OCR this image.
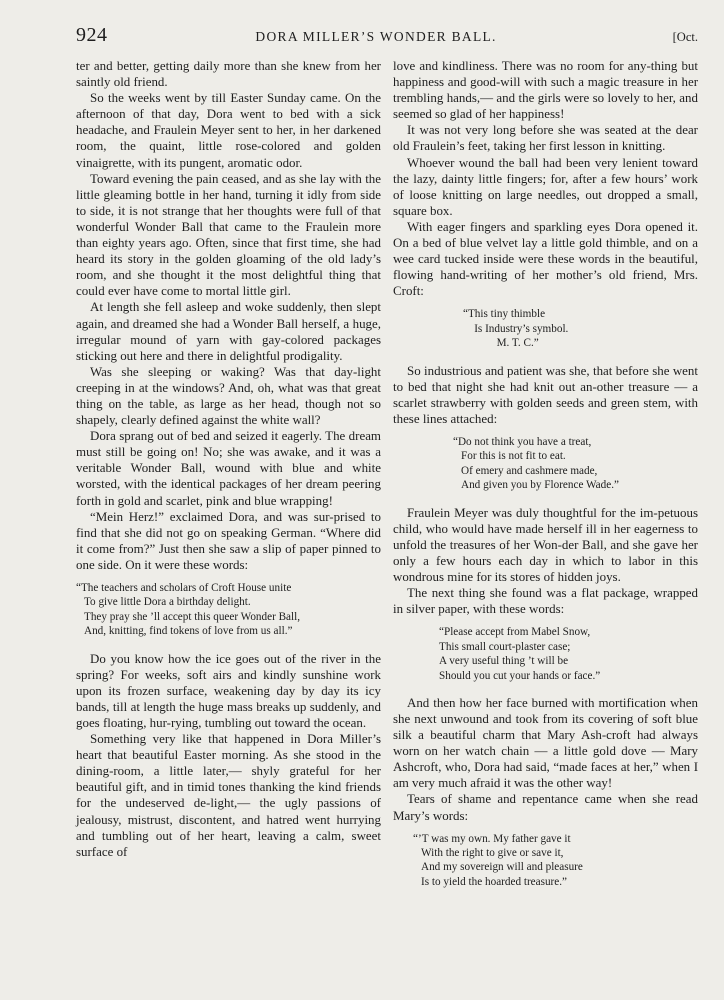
924	DORA MILLER’S WONDER BALL.	[Oct.

ter and better, getting daily more than she knew from her saintly old friend.

So the weeks went by till Easter Sunday came. On the afternoon of that day, Dora went to bed with a sick headache, and Fraulein Meyer sent to her, in her darkened room, the quaint, little rose-colored and golden vinaigrette, with its pungent, aromatic odor.

Toward evening the pain ceased, and as she lay with the little gleaming bottle in her hand, turning it idly from side to side, it is not strange that her thoughts were full of that wonderful Wonder Ball that came to the Fraulein more than eighty years ago. Often, since that first time, she had heard its story in the golden gloaming of the old lady’s room, and she thought it the most delightful thing that could ever have come to mortal little girl.

At length she fell asleep and woke suddenly, then slept again, and dreamed she had a Wonder Ball herself, a huge, irregular mound of yarn with gay-colored packages sticking out here and there in delightful prodigality.

Was she sleeping or waking? Was that day-light creeping in at the windows? And, oh, what was that great thing on the table, as large as her head, though not so shapely, clearly defined against the white wall?

Dora sprang out of bed and seized it eagerly. The dream must still be going on! No; she was awake, and it was a veritable Wonder Ball, wound with blue and white worsted, with the identical packages of her dream peering forth in gold and scarlet, pink and blue wrapping!

“Mein Herz!” exclaimed Dora, and was sur-prised to find that she did not go on speaking German. “Where did it come from?” Just then she saw a slip of paper pinned to one side. On it were these words:

“The teachers and scholars of Croft House unite
To give little Dora a birthday delight.
They pray she ’ll accept this queer Wonder Ball,
And, knitting, find tokens of love from us all.”

Do you know how the ice goes out of the river in the spring? For weeks, soft airs and kindly sunshine work upon its frozen surface, weakening day by day its icy bands, till at length the huge mass breaks up suddenly, and goes floating, hur-rying, tumbling out toward the ocean.

Something very like that happened in Dora Miller’s heart that beautiful Easter morning. As she stood in the dining-room, a little later,— shyly grateful for her beautiful gift, and in timid tones thanking the kind friends for the undeserved de-light,— the ugly passions of jealousy, mistrust, discontent, and hatred went hurrying and tumbling out of her heart, leaving a calm, sweet surface of

love and kindliness. There was no room for any-thing but happiness and good-will with such a magic treasure in her trembling hands,— and the girls were so lovely to her, and seemed so glad of her happiness!

It was not very long before she was seated at the dear old Fraulein’s feet, taking her first lesson in knitting.

Whoever wound the ball had been very lenient toward the lazy, dainty little fingers; for, after a few hours’ work of loose knitting on large needles, out dropped a small, square box.

With eager fingers and sparkling eyes Dora opened it. On a bed of blue velvet lay a little gold thimble, and on a wee card tucked inside were these words in the beautiful, flowing hand-writing of her mother’s old friend, Mrs. Croft:

“This tiny thimble
Is Industry’s symbol.
M. T. C.”

So industrious and patient was she, that before she went to bed that night she had knit out an-other treasure — a scarlet strawberry with golden seeds and green stem, with these lines attached:

“Do not think you have a treat,
For this is not fit to eat.
Of emery and cashmere made,
And given you by Florence Wade.”

Fraulein Meyer was duly thoughtful for the im-petuous child, who would have made herself ill in her eagerness to unfold the treasures of her Won-der Ball, and she gave her only a few hours each day in which to labor in this wondrous mine for its stores of hidden joys.

The next thing she found was a flat package, wrapped in silver paper, with these words:

“Please accept from Mabel Snow,
This small court-plaster case;
A very useful thing ’t will be
Should you cut your hands or face.”

And then how her face burned with mortification when she next unwound and took from its covering of soft blue silk a beautiful charm that Mary Ash-croft had always worn on her watch chain — a little gold dove — Mary Ashcroft, who, Dora had said, “made faces at her,” when I am very much afraid it was the other way!

Tears of shame and repentance came when she read Mary’s words:

“’T was my own. My father gave it
With the right to give or save it,
And my sovereign will and pleasure
Is to yield the hoarded treasure.”
